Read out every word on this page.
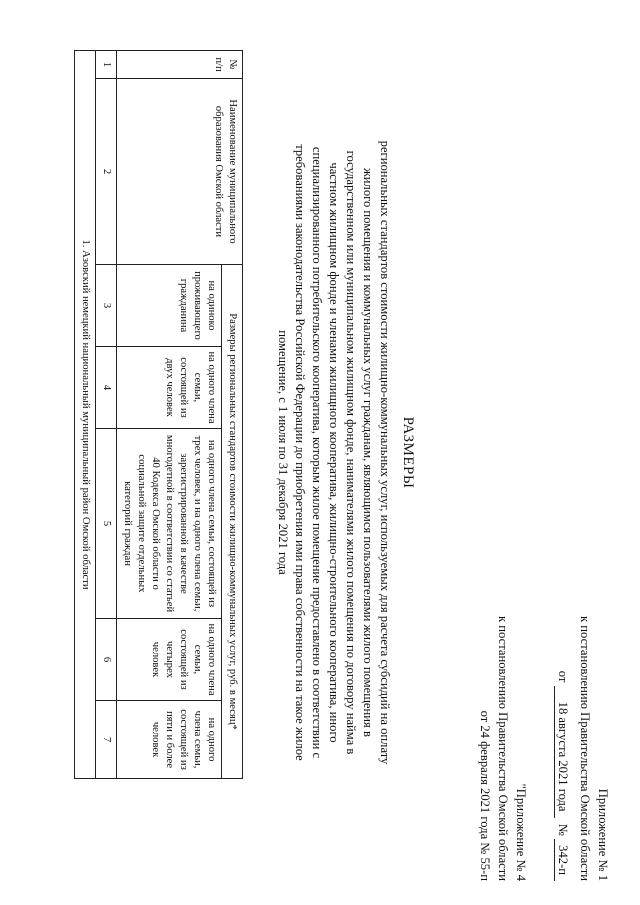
Приложение № 1
к постановлению Правительства Омской области
от 18 августа 2021 года  № 342-п
"Приложение № 4
к постановлению Правительства Омской области
от 24 февраля 2021 года № 55-п
РАЗМЕРЫ
региональных стандартов стоимости жилищно-коммунальных услуг, используемых для расчета субсидий на оплату
жилого помещения и коммунальных услуг гражданам, являющимся пользователями жилого помещения в
государственном или муниципальном жилищном фонде, нанимателями жилого помещения по договору найма в
частном жилищном фонде и членами жилищного кооператива, жилищно-строительного кооператива, иного
специализированного потребительского кооператива, которым жилое помещение предоставлено в соответствии с
требованиями законодательства Российской Федерации до приобретения ими права собственности на такое жилое
помещение, с 1 июля по 31 декабря 2021 года
№ п/п	Наименование муниципального образования Омской области	Размеры региональных стандартов стоимости жилищно-коммунальных услуг, руб. в месяц*					
		на одиноко проживающего гражданина	на одного члена семьи, состоящей из двух человек	на одного члена семьи, состоящей из трех человек, и на одного члена семьи, зарегистрированной в качестве многодетной в соответствии со статьей 40 Кодекса Омской области о социальной защите отдельных категорий граждан	на одного члена семьи, состоящей из четырех человек	на одного члена семьи, состоящей из пяти и более человек	
1	2	3	4	5	6	7	
1. Азовский немецкий национальный муниципальный район Омской области							
